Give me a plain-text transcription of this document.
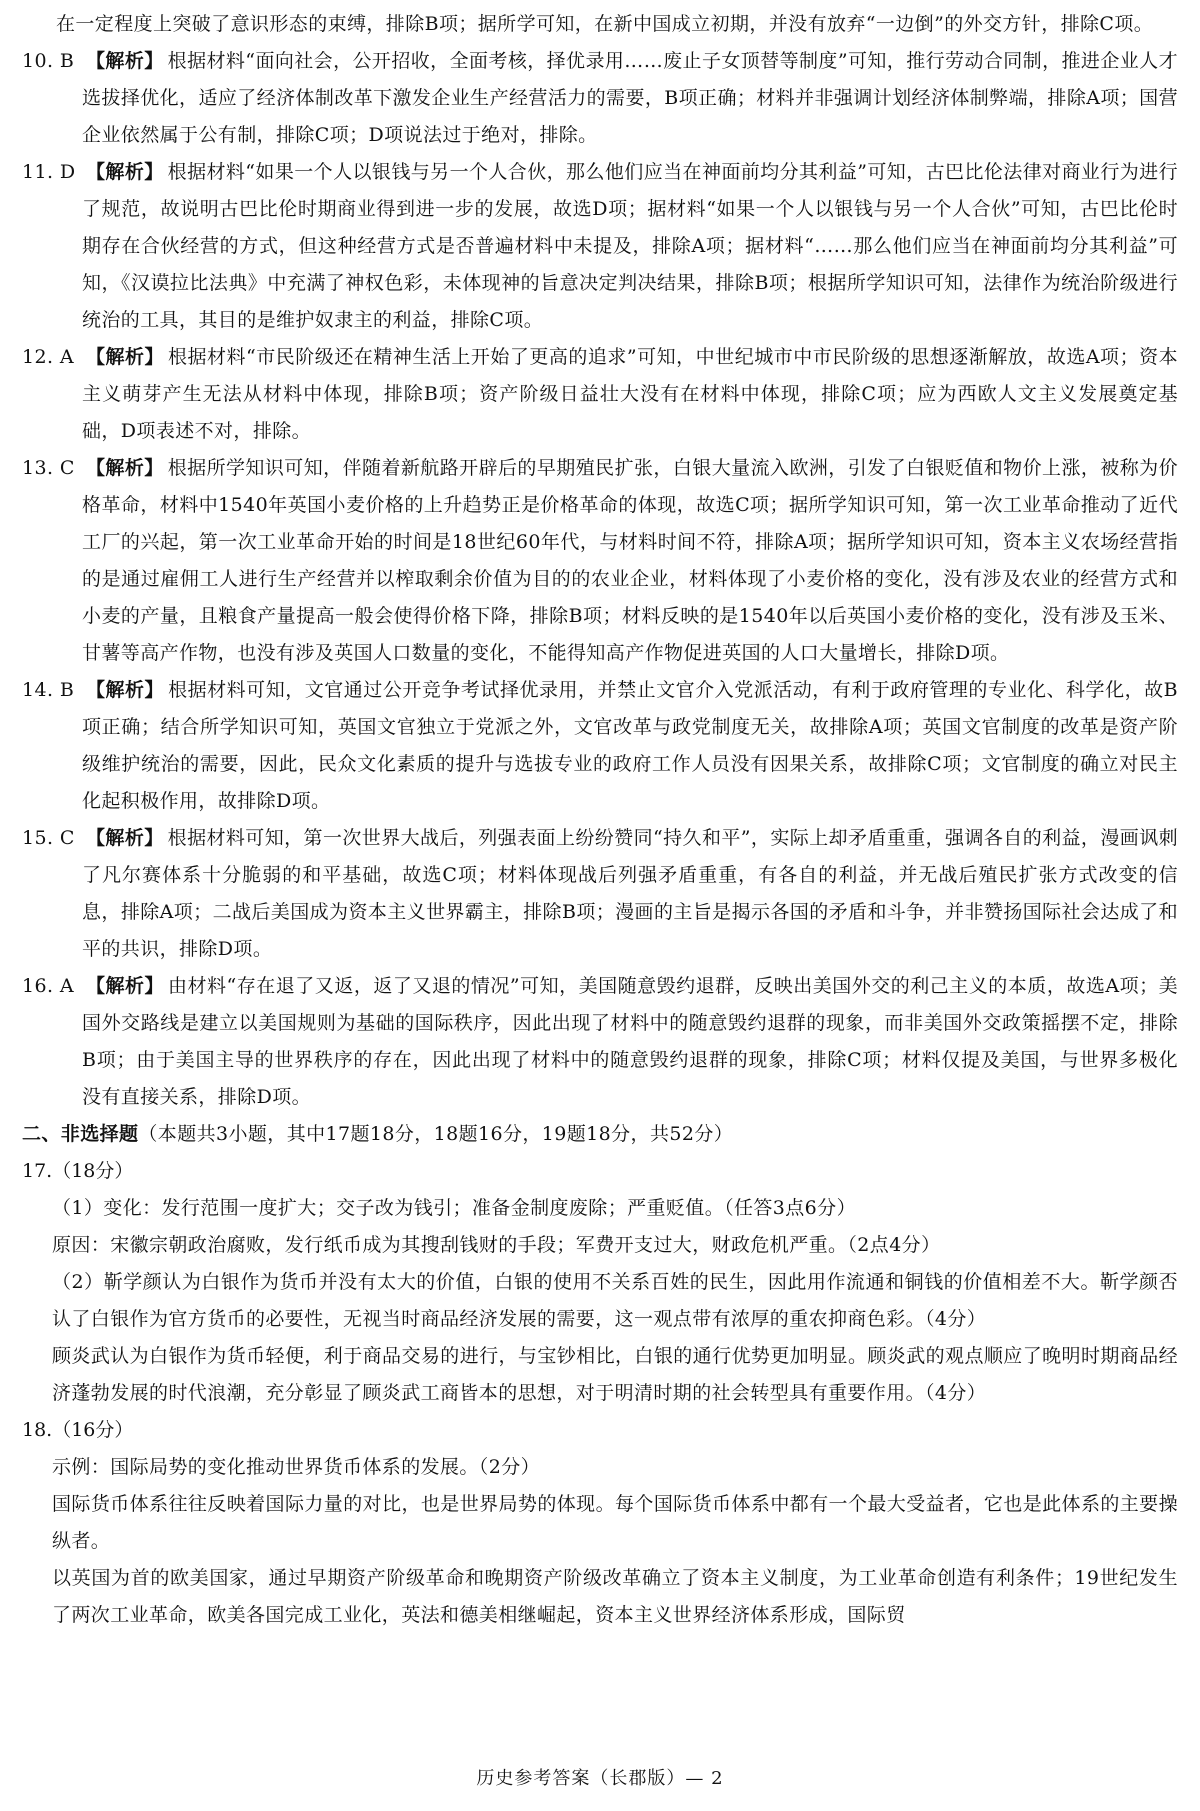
在一定程度上突破了意识形态的束缚，排除B项；据所学可知，在新中国成立初期，并没有放弃“一边倒”的外交方针，排除C项。
10. B 【解析】 根据材料“面向社会，公开招收，全面考核，择优录用……废止子女顶替等制度”可知，推行劳动合同制，推进企业人才选拔择优化，适应了经济体制改革下激发企业生产经营活力的需要，B项正确；材料并非强调计划经济体制弊端，排除A项；国营企业依然属于公有制，排除C项；D项说法过于绝对，排除。
11. D 【解析】 根据材料“如果一个人以银钱与另一个人合伙，那么他们应当在神面前均分其利益”可知，古巴比伦法律对商业行为进行了规范，故说明古巴比伦时期商业得到进一步的发展，故选D项；据材料“如果一个人以银钱与另一个人合伙”可知，古巴比伦时期存在合伙经营的方式，但这种经营方式是否普遍材料中未提及，排除A项；据材料“……那么他们应当在神面前均分其利益”可知，《汉谟拉比法典》中充满了神权色彩，未体现神的旨意决定判决结果，排除B项；根据所学知识可知，法律作为统治阶级进行统治的工具，其目的是维护奴隶主的利益，排除C项。
12. A 【解析】 根据材料“市民阶级还在精神生活上开始了更高的追求”可知，中世纪城市中市民阶级的思想逐渐解放，故选A项；资本主义萌芽产生无法从材料中体现，排除B项；资产阶级日益壮大没有在材料中体现，排除C项；应为西欧人文主义发展奠定基础，D项表述不对，排除。
13. C 【解析】 根据所学知识可知，伴随着新航路开辟后的早期殖民扩张，白银大量流入欧洲，引发了白银贬值和物价上涨，被称为价格革命，材料中1540年英国小麦价格的上升趋势正是价格革命的体现，故选C项；据所学知识可知，第一次工业革命推动了近代工厂的兴起，第一次工业革命开始的时间是18世纪60年代，与材料时间不符，排除A项；据所学知识可知，资本主义农场经营指的是通过雇佣工人进行生产经营并以榨取剩余价值为目的的农业企业，材料体现了小麦价格的变化，没有涉及农业的经营方式和小麦的产量，且粮食产量提高一般会使得价格下降，排除B项；材料反映的是1540年以后英国小麦价格的变化，没有涉及玉米、甘薯等高产作物，也没有涉及英国人口数量的变化，不能得知高产作物促进英国的人口大量增长，排除D项。
14. B 【解析】 根据材料可知，文官通过公开竞争考试择优录用，并禁止文官介入党派活动，有利于政府管理的专业化、科学化，故B项正确；结合所学知识可知，英国文官独立于党派之外，文官改革与政党制度无关，故排除A项；英国文官制度的改革是资产阶级维护统治的需要，因此，民众文化素质的提升与选拔专业的政府工作人员没有因果关系，故排除C项；文官制度的确立对民主化起积极作用，故排除D项。
15. C 【解析】 根据材料可知，第一次世界大战后，列强表面上纷纷赞同“持久和平”，实际上却矛盾重重，强调各自的利益，漫画讽刺了凡尔赛体系十分脆弱的和平基础，故选C项；材料体现战后列强矛盾重重，有各自的利益，并无战后殖民扩张方式改变的信息，排除A项；二战后美国成为资本主义世界霸主，排除B项；漫画的主旨是揭示各国的矛盾和斗争，并非赞扬国际社会达成了和平的共识，排除D项。
16. A 【解析】 由材料“存在退了又返，返了又退的情况”可知，美国随意毁约退群，反映出美国外交的利己主义的本质，故选A项；美国外交路线是建立以美国规则为基础的国际秩序，因此出现了材料中的随意毁约退群的现象，而非美国外交政策摇摆不定，排除B项；由于美国主导的世界秩序的存在，因此出现了材料中的随意毁约退群的现象，排除C项；材料仅提及美国，与世界多极化没有直接关系，排除D项。
二、非选择题（本题共3小题，其中17题18分，18题16分，19题18分，共52分）
17.（18分）
（1）变化：发行范围一度扩大；交子改为钱引；准备金制度废除；严重贬值。（任答3点6分）
原因：宋徽宗朝政治腐败，发行纸币成为其搜刮钱财的手段；军费开支过大，财政危机严重。（2点4分）
（2）靳学颜认为白银作为货币并没有太大的价值，白银的使用不关系百姓的民生，因此用作流通和铜钱的价值相差不大。靳学颜否认了白银作为官方货币的必要性，无视当时商品经济发展的需要，这一观点带有浓厚的重农抑商色彩。（4分）
顾炎武认为白银作为货币轻便，利于商品交易的进行，与宝钞相比，白银的通行优势更加明显。顾炎武的观点顺应了晚明时期商品经济蓬勃发展的时代浪潮，充分彰显了顾炎武工商皆本的思想，对于明清时期的社会转型具有重要作用。（4分）
18.（16分）
示例：国际局势的变化推动世界货币体系的发展。（2分）
国际货币体系往往反映着国际力量的对比，也是世界局势的体现。每个国际货币体系中都有一个最大受益者，它也是此体系的主要操纵者。
以英国为首的欧美国家，通过早期资产阶级革命和晚期资产阶级改革确立了资本主义制度，为工业革命创造有利条件；19世纪发生了两次工业革命，欧美各国完成工业化，英法和德美相继崛起，资本主义世界经济体系形成，国际贸
历史参考答案（长郡版）— 2
